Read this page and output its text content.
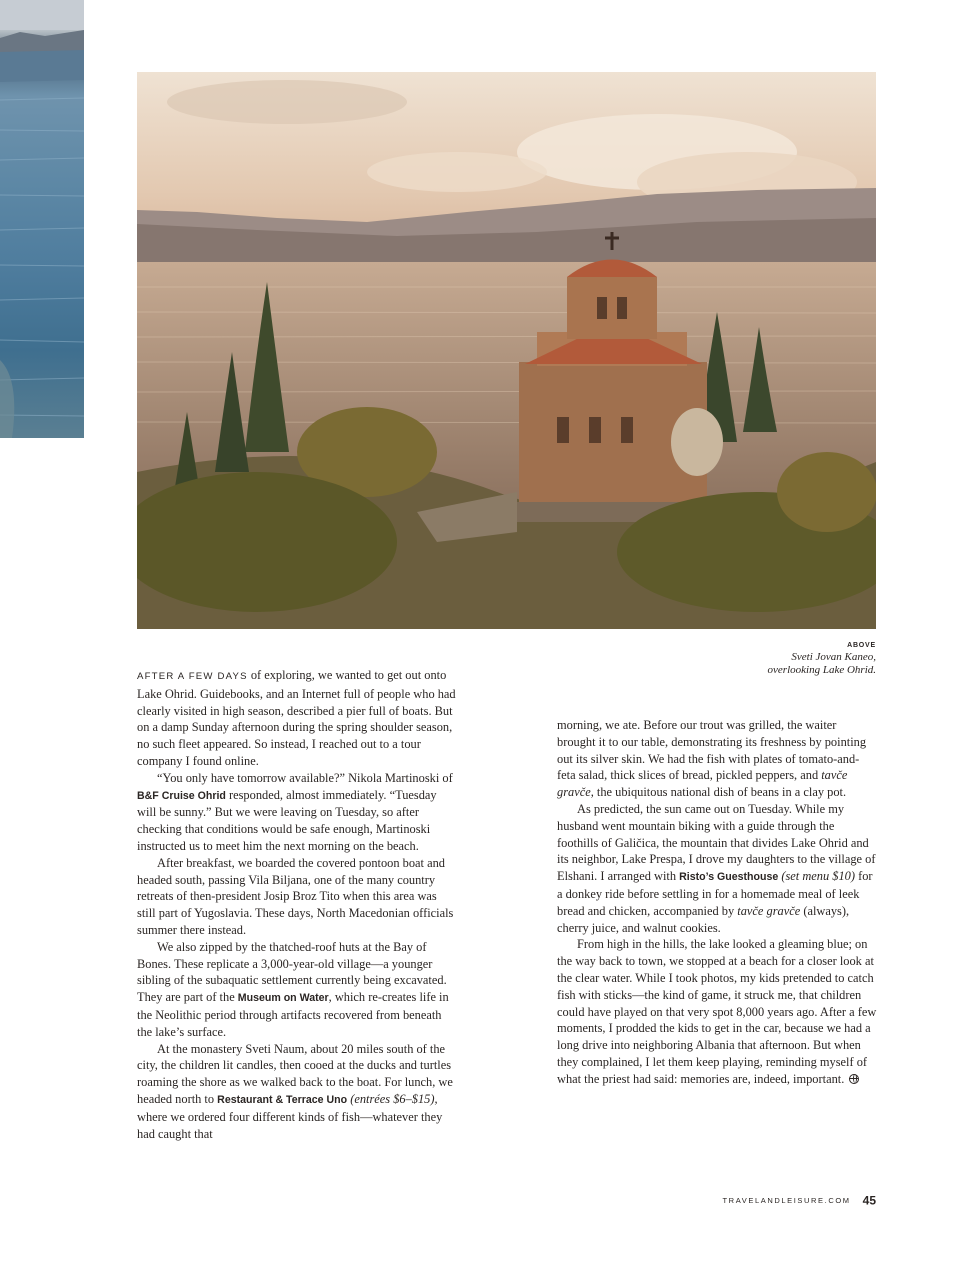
ABOVE
Sveti Jovan Kaneo,
overlooking Lake Ohrid.

AFTER A FEW DAYS of exploring, we wanted to get out onto Lake Ohrid. Guidebooks, and an Internet full of people who had clearly visited in high season, described a pier full of boats. But on a damp Sunday afternoon during the spring shoulder season, no such fleet appeared. So instead, I reached out to a tour company I found online.

“You only have tomorrow available?” Nikola Martinoski of B&F Cruise Ohrid responded, almost immediately. “Tuesday will be sunny.” But we were leaving on Tuesday, so after checking that conditions would be safe enough, Martinoski instructed us to meet him the next morning on the beach.

After breakfast, we boarded the covered pontoon boat and headed south, passing Vila Biljana, one of the many country retreats of then-president Josip Broz Tito when this area was still part of Yugoslavia. These days, North Macedonian officials summer there instead.

We also zipped by the thatched-roof huts at the Bay of Bones. These replicate a 3,000-year-old village—a younger sibling of the subaquatic settlement currently being excavated. They are part of the Museum on Water, which re-creates life in the Neolithic period through artifacts recovered from beneath the lake’s surface.

At the monastery Sveti Naum, about 20 miles south of the city, the children lit candles, then cooed at the ducks and turtles roaming the shore as we walked back to the boat. For lunch, we headed north to Restaurant & Terrace Uno (entrées $6–$15), where we ordered four different kinds of fish—whatever they had caught that

morning, we ate. Before our trout was grilled, the waiter brought it to our table, demonstrating its freshness by pointing out its silver skin. We had the fish with plates of tomato-and-feta salad, thick slices of bread, pickled peppers, and tavče gravče, the ubiquitous national dish of beans in a clay pot.

As predicted, the sun came out on Tuesday. While my husband went mountain biking with a guide through the foothills of Galičica, the mountain that divides Lake Ohrid and its neighbor, Lake Prespa, I drove my daughters to the village of Elshani. I arranged with Risto’s Guesthouse (set menu $10) for a donkey ride before settling in for a homemade meal of leek bread and chicken, accompanied by tavče gravče (always), cherry juice, and walnut cookies.

From high in the hills, the lake looked a gleaming blue; on the way back to town, we stopped at a beach for a closer look at the clear water. While I took photos, my kids pretended to catch fish with sticks—the kind of game, it struck me, that children could have played on that very spot 8,000 years ago. After a few moments, I prodded the kids to get in the car, because we had a long drive into neighboring Albania that afternoon. But when they complained, I let them keep playing, reminding myself of what the priest had said: memories are, indeed, important.

TRAVELANDLEISURE.COM 45
